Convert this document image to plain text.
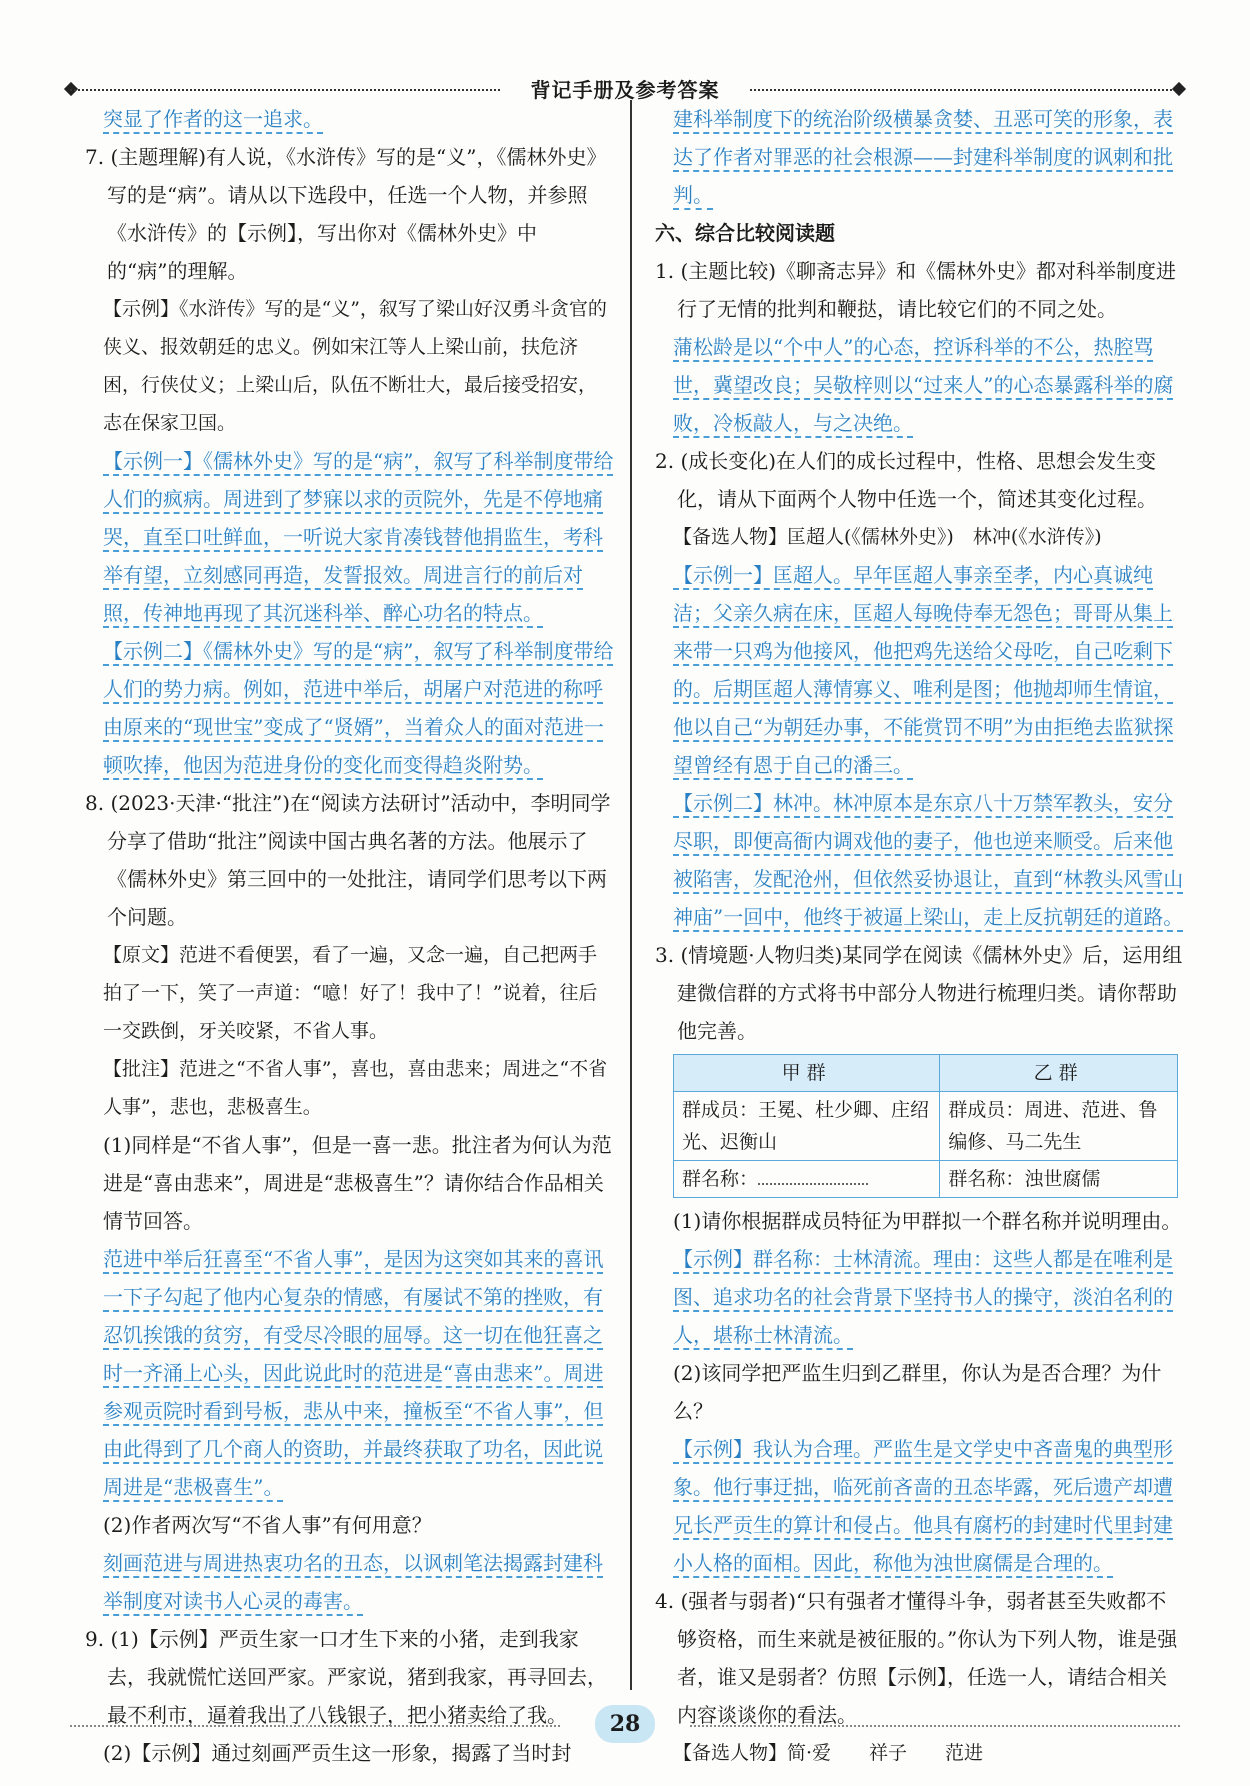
背记手册及参考答案

突显了作者的这一追求。

7. (主题理解)有人说，《水浒传》写的是“义”，《儒林外史》写的是“病”。请从以下选段中，任选一个人物，并参照《水浒传》的【示例】，写出你对《儒林外史》中的“病”的理解。

【示例】《水浒传》写的是“义”，叙写了梁山好汉勇斗贪官的侠义、报效朝廷的忠义。例如宋江等人上梁山前，扶危济困，行侠仗义；上梁山后，队伍不断壮大，最后接受招安，志在保家卫国。

【示例一】《儒林外史》写的是“病”，叙写了科举制度带给人们的疯病。周进到了梦寐以求的贡院外，先是不停地痛哭，直至口吐鲜血，一听说大家肯凑钱替他捐监生，考科举有望，立刻感同再造，发誓报效。周进言行的前后对照，传神地再现了其沉迷科举、醉心功名的特点。

【示例二】《儒林外史》写的是“病”，叙写了科举制度带给人们的势力病。例如，范进中举后，胡屠户对范进的称呼由原来的“现世宝”变成了“贤婿”，当着众人的面对范进一顿吹捧，他因为范进身份的变化而变得趋炎附势。

8. (2023·天津·“批注”)在“阅读方法研讨”活动中，李明同学分享了借助“批注”阅读中国古典名著的方法。他展示了《儒林外史》第三回中的一处批注，请同学们思考以下两个问题。

【原文】范进不看便罢，看了一遍，又念一遍，自己把两手拍了一下，笑了一声道：“噫！好了！我中了！”说着，往后一交跌倒，牙关咬紧，不省人事。

【批注】范进之“不省人事”，喜也，喜由悲来；周进之“不省人事”，悲也，悲极喜生。

(1)同样是“不省人事”，但是一喜一悲。批注者为何认为范进是“喜由悲来”，周进是“悲极喜生”？请你结合作品相关情节回答。

范进中举后狂喜至“不省人事”，是因为这突如其来的喜讯一下子勾起了他内心复杂的情感，有屡试不第的挫败，有忍饥挨饿的贫穷，有受尽冷眼的屈辱。这一切在他狂喜之时一齐涌上心头，因此说此时的范进是“喜由悲来”。周进参观贡院时看到号板，悲从中来，撞板至“不省人事”，但由此得到了几个商人的资助，并最终获取了功名，因此说周进是“悲极喜生”。

(2)作者两次写“不省人事”有何用意？

刻画范进与周进热衷功名的丑态，以讽刺笔法揭露封建科举制度对读书人心灵的毒害。

9. (1)【示例】严贡生家一口才生下来的小猪，走到我家去，我就慌忙送回严家。严家说，猪到我家，再寻回去，最不利市，逼着我出了八钱银子，把小猪卖给了我。

(2)【示例】通过刻画严贡生这一形象，揭露了当时封

建科举制度下的统治阶级横暴贪婪、丑恶可笑的形象，表达了作者对罪恶的社会根源——封建科举制度的讽刺和批判。

六、综合比较阅读题

1. (主题比较)《聊斋志异》和《儒林外史》都对科举制度进行了无情的批判和鞭挞，请比较它们的不同之处。

蒲松龄是以“个中人”的心态，控诉科举的不公，热腔骂世，冀望改良；吴敬梓则以“过来人”的心态暴露科举的腐败，冷板敲人，与之决绝。

2. (成长变化)在人们的成长过程中，性格、思想会发生变化，请从下面两个人物中任选一个，简述其变化过程。

【备选人物】匡超人(《儒林外史》)　林冲(《水浒传》)

【示例一】匡超人。早年匡超人事亲至孝，内心真诚纯洁；父亲久病在床，匡超人每晚侍奉无怨色；哥哥从集上来带一只鸡为他接风，他把鸡先送给父母吃，自己吃剩下的。后期匡超人薄情寡义、唯利是图；他抛却师生情谊，他以自己“为朝廷办事，不能赏罚不明”为由拒绝去监狱探望曾经有恩于自己的潘三。

【示例二】林冲。林冲原本是东京八十万禁军教头，安分尽职，即便高衙内调戏他的妻子，他也逆来顺受。后来他被陷害，发配沧州，但依然妥协退让，直到“林教头风雪山神庙”一回中，他终于被逼上梁山，走上反抗朝廷的道路。

3. (情境题·人物归类)某同学在阅读《儒林外史》后，运用组建微信群的方式将书中部分人物进行梳理归类。请你帮助他完善。

甲群	乙群
群成员：王冕、杜少卿、庄绍光、迟衡山	群成员：周进、范进、鲁编修、马二先生
群名称：	群名称：浊世腐儒

(1)请你根据群成员特征为甲群拟一个群名称并说明理由。

【示例】群名称：士林清流。理由：这些人都是在唯利是图、追求功名的社会背景下坚持书人的操守，淡泊名利的人，堪称士林清流。

(2)该同学把严监生归到乙群里，你认为是否合理？为什么？

【示例】我认为合理。严监生是文学史中吝啬鬼的典型形象。他行事迂拙，临死前吝啬的丑态毕露，死后遗产却遭兄长严贡生的算计和侵占。他具有腐朽的封建时代里封建小人格的面相。因此，称他为浊世腐儒是合理的。

4. (强者与弱者)“只有强者才懂得斗争，弱者甚至失败都不够资格，而生来就是被征服的。”你认为下列人物，谁是强者，谁又是弱者？仿照【示例】，任选一人，请结合相关内容谈谈你的看法。

【备选人物】简·爱　　祥子　　范进

28
